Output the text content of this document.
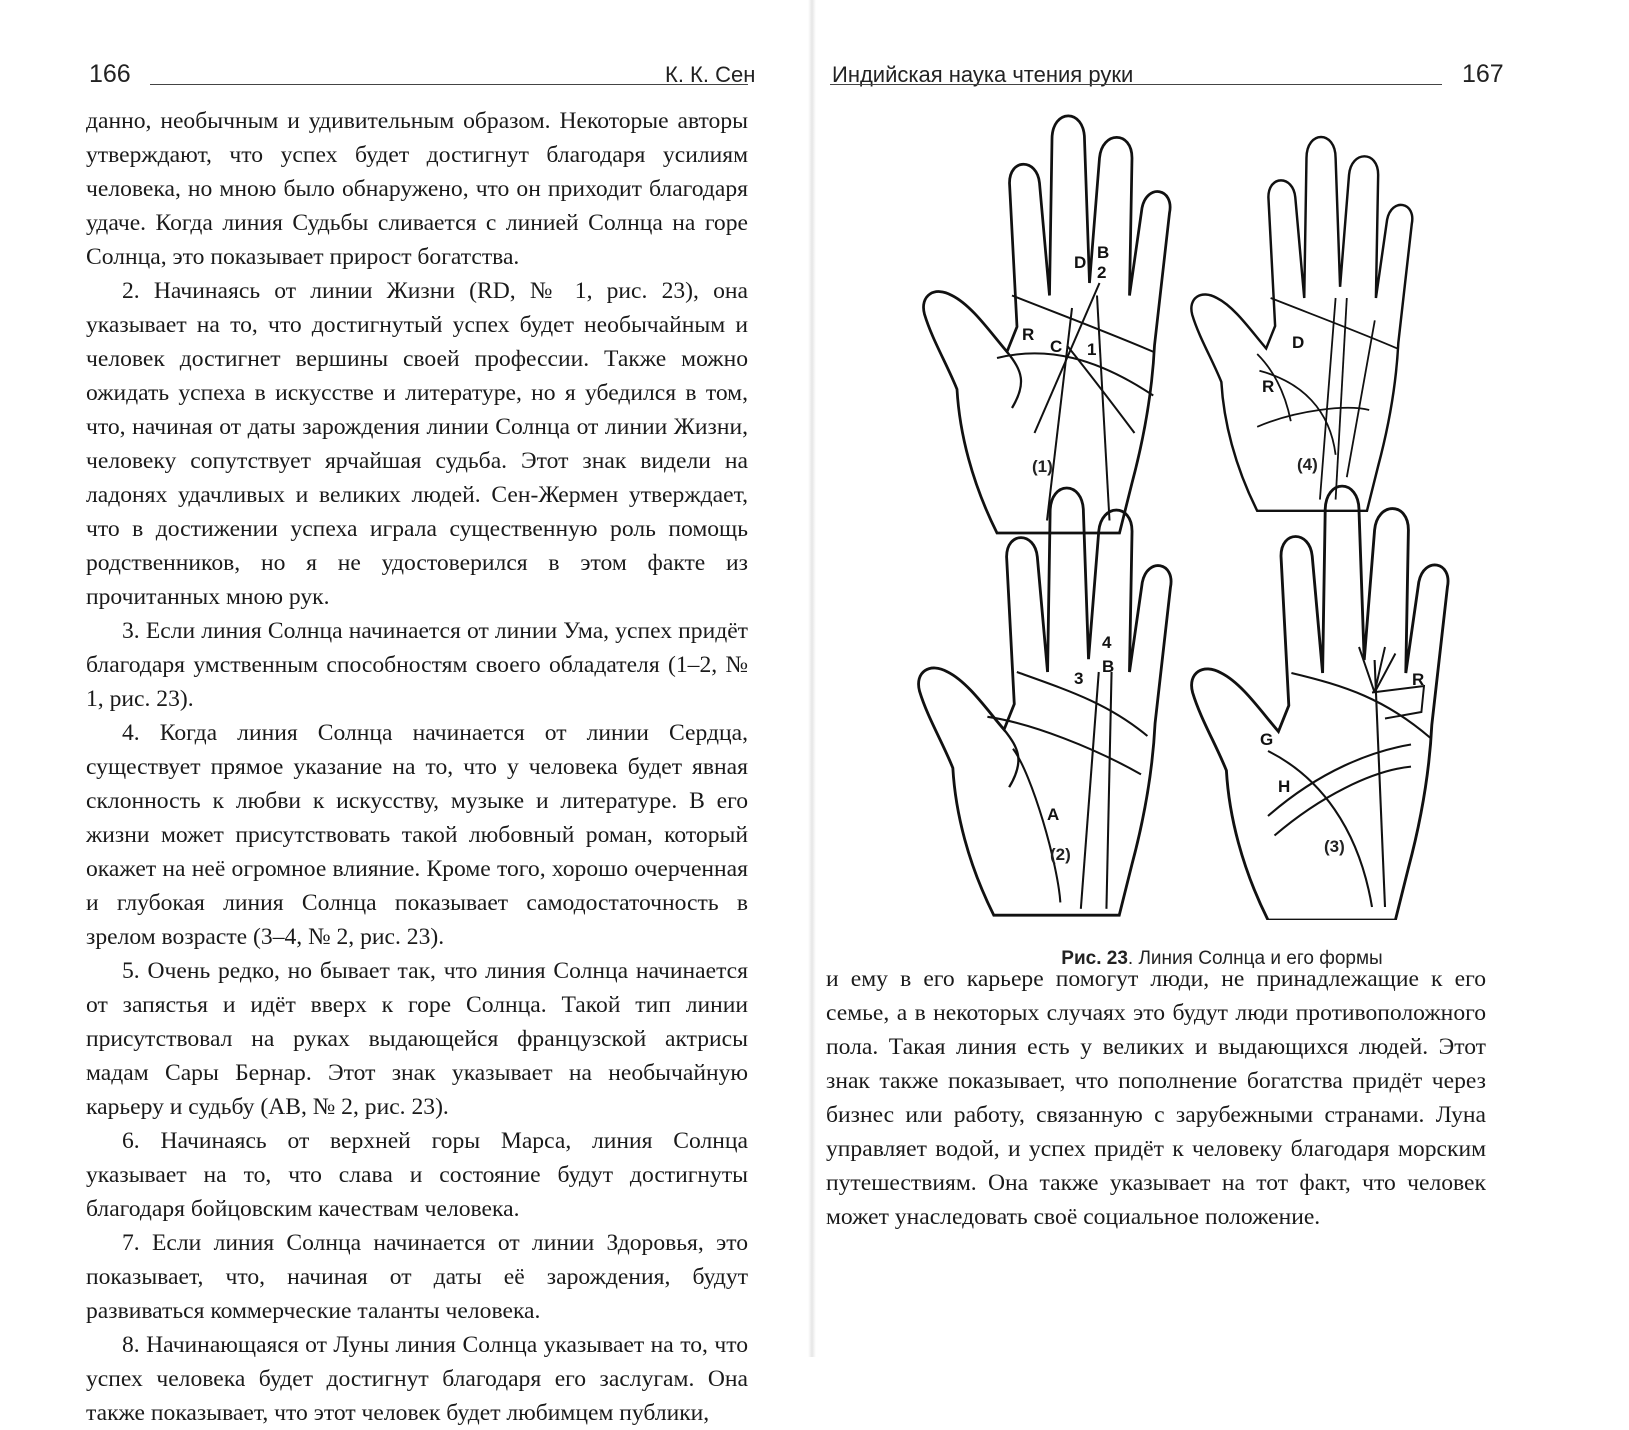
166	К. К. Сен

данно, необычным и удивительным образом. Некоторые авторы утверждают, что успех будет достигнут благодаря усилиям человека, но мною было обнаружено, что он приходит благодаря удаче. Когда линия Судьбы сливается с линией Солнца на горе Солнца, это показывает прирост богатства.

2. Начинаясь от линии Жизни (RD, № 1, рис. 23), она указывает на то, что достигнутый успех будет необычайным и человек достигнет вершины своей профессии. Также можно ожидать успеха в искусстве и литературе, но я убедился в том, что, начиная от даты зарождения линии Солнца от линии Жизни, человеку сопутствует ярчайшая судьба. Этот знак видели на ладонях удачливых и великих людей. Сен-Жермен утверждает, что в достижении успеха играла существенную роль помощь родственников, но я не удостоверился в этом факте из прочитанных мною рук.

3. Если линия Солнца начинается от линии Ума, успех придёт благодаря умственным способностям своего обладателя (1–2, № 1, рис. 23).

4. Когда линия Солнца начинается от линии Сердца, существует прямое указание на то, что у человека будет явная склонность к любви к искусству, музыке и литературе. В его жизни может присутствовать такой любовный роман, который окажет на неё огромное влияние. Кроме того, хорошо очерченная и глубокая линия Солнца показывает самодостаточность в зрелом возрасте (3–4, № 2, рис. 23).

5. Очень редко, но бывает так, что линия Солнца начинается от запястья и идёт вверх к горе Солнца. Такой тип линии присутствовал на руках выдающейся французской актрисы мадам Сары Бернар. Этот знак указывает на необычайную карьеру и судьбу (AB, № 2, рис. 23).

6. Начинаясь от верхней горы Марса, линия Солнца указывает на то, что слава и состояние будут достигнуты благодаря бойцовским качествам человека.

7. Если линия Солнца начинается от линии Здоровья, это показывает, что, начиная от даты её зарождения, будут развиваться коммерческие таланты человека.

8. Начинающаяся от Луны линия Солнца указывает на то, что успех человека будет достигнут благодаря его заслугам. Она также показывает, что этот человек будет любимцем публики,

Индийская наука чтения руки	167
D
B
2
R
C 1
(1)
D
R
(4)
4
B
3
A
(2)
R
G
H
(3)
Рис. 23. Линия Солнца и его формы

и ему в его карьере помогут люди, не принадлежащие к его семье, а в некоторых случаях это будут люди противоположного пола. Такая линия есть у великих и выдающихся людей. Этот знак также показывает, что пополнение богатства придёт через бизнес или работу, связанную с зарубежными странами. Луна управляет водой, и успех придёт к человеку благодаря морским путешествиям. Она также указывает на тот факт, что человек может унаследовать своё социальное положение.
